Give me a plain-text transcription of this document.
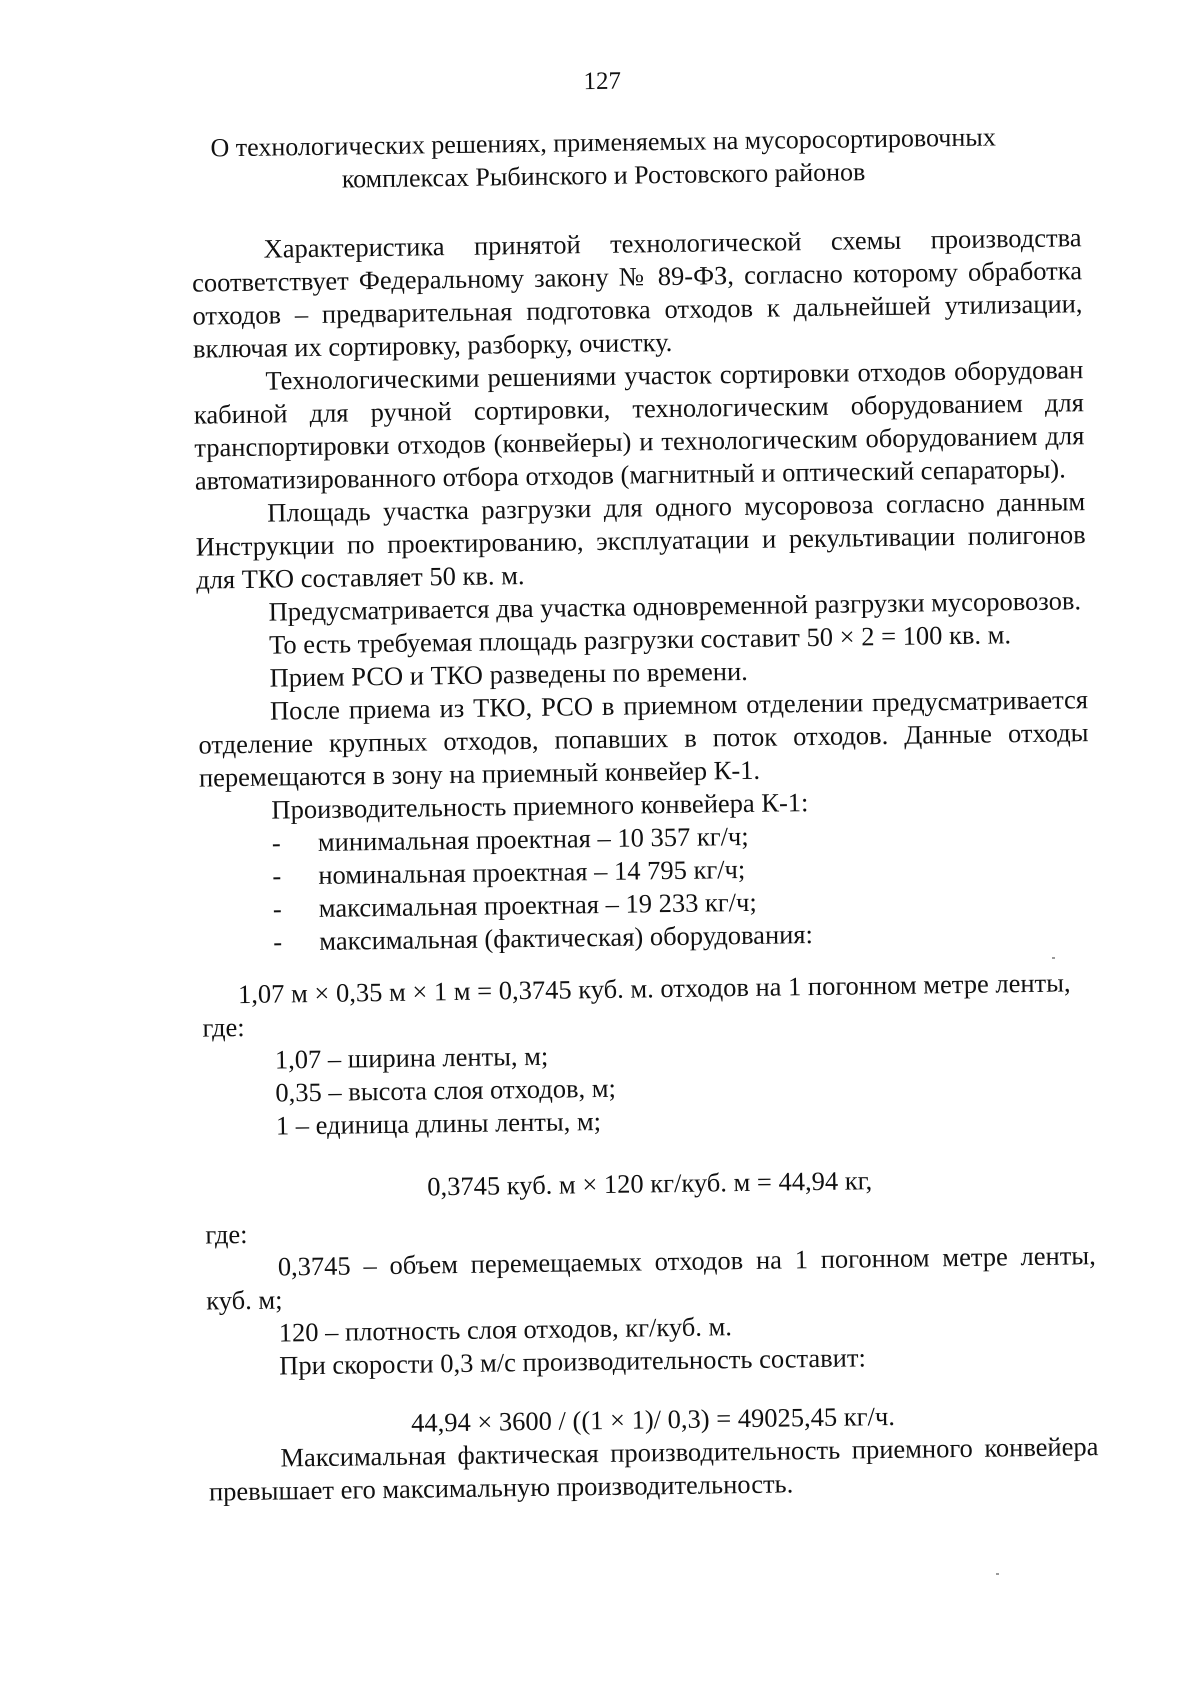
127
О технологических решениях, применяемых на мусоросортировочных
комплексах Рыбинского и Ростовского районов

Характеристика принятой технологической схемы производства соответствует Федеральному закону № 89-ФЗ, согласно которому обработка отходов – предварительная подготовка отходов к дальнейшей утилизации, включая их сортировку, разборку, очистку.

Технологическими решениями участок сортировки отходов оборудован кабиной для ручной сортировки, технологическим оборудованием для транспортировки отходов (конвейеры) и технологическим оборудованием для автоматизированного отбора отходов (магнитный и оптический сепараторы).

Площадь участка разгрузки для одного мусоровоза согласно данным Инструкции по проектированию, эксплуатации и рекультивации полигонов для ТКО составляет 50 кв. м.

Предусматривается два участка одновременной разгрузки мусоровозов.

То есть требуемая площадь разгрузки составит 50 × 2 = 100 кв. м.

Прием РСО и ТКО разведены по времени.

После приема из ТКО, РСО в приемном отделении предусматривается отделение крупных отходов, попавших в поток отходов. Данные отходы перемещаются в зону на приемный конвейер К-1.

Производительность приемного конвейера К-1:

- минимальная проектная – 10 357 кг/ч;

- номинальная проектная – 14 795 кг/ч;

- максимальная проектная – 19 233 кг/ч;

- максимальная (фактическая) оборудования:

1,07 м × 0,35 м × 1 м = 0,3745 куб. м. отходов на 1 погонном метре ленты,

где:

1,07 – ширина ленты, м;

0,35 – высота слоя отходов, м;

1 – единица длины ленты, м;

0,3745 куб. м × 120 кг/куб. м = 44,94 кг,

где:

0,3745 – объем перемещаемых отходов на 1 погонном метре ленты,

куб. м;

120 – плотность слоя отходов, кг/куб. м.

При скорости 0,3 м/с производительность составит:

44,94 × 3600 / ((1 × 1)/ 0,3) = 49025,45 кг/ч.

Максимальная фактическая производительность приемного конвейера превышает его максимальную производительность.
